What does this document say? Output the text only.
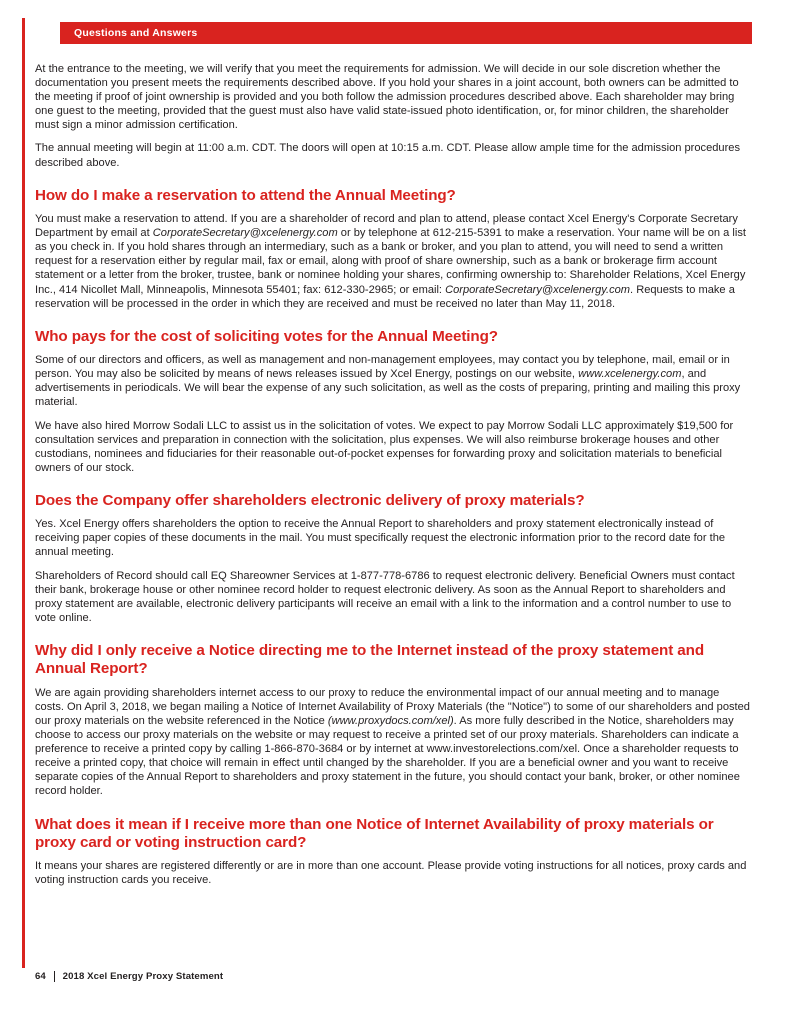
Questions and Answers

At the entrance to the meeting, we will verify that you meet the requirements for admission. We will decide in our sole discretion whether the documentation you present meets the requirements described above. If you hold your shares in a joint account, both owners can be admitted to the meeting if proof of joint ownership is provided and you both follow the admission procedures described above. Each shareholder may bring one guest to the meeting, provided that the guest must also have valid state-issued photo identification, or, for minor children, the shareholder must sign a minor admission certification.

The annual meeting will begin at 11:00 a.m. CDT. The doors will open at 10:15 a.m. CDT. Please allow ample time for the admission procedures described above.

How do I make a reservation to attend the Annual Meeting?

You must make a reservation to attend. If you are a shareholder of record and plan to attend, please contact Xcel Energy's Corporate Secretary Department by email at CorporateSecretary@xcelenergy.com or by telephone at 612-215-5391 to make a reservation. Your name will be on a list as you check in. If you hold shares through an intermediary, such as a bank or broker, and you plan to attend, you will need to send a written request for a reservation either by regular mail, fax or email, along with proof of share ownership, such as a bank or brokerage firm account statement or a letter from the broker, trustee, bank or nominee holding your shares, confirming ownership to: Shareholder Relations, Xcel Energy Inc., 414 Nicollet Mall, Minneapolis, Minnesota 55401; fax: 612-330-2965; or email: CorporateSecretary@xcelenergy.com. Requests to make a reservation will be processed in the order in which they are received and must be received no later than May 11, 2018.

Who pays for the cost of soliciting votes for the Annual Meeting?

Some of our directors and officers, as well as management and non-management employees, may contact you by telephone, mail, email or in person. You may also be solicited by means of news releases issued by Xcel Energy, postings on our website, www.xcelenergy.com, and advertisements in periodicals. We will bear the expense of any such solicitation, as well as the costs of preparing, printing and mailing this proxy material.

We have also hired Morrow Sodali LLC to assist us in the solicitation of votes. We expect to pay Morrow Sodali LLC approximately $19,500 for consultation services and preparation in connection with the solicitation, plus expenses. We will also reimburse brokerage houses and other custodians, nominees and fiduciaries for their reasonable out-of-pocket expenses for forwarding proxy and solicitation materials to beneficial owners of our stock.

Does the Company offer shareholders electronic delivery of proxy materials?

Yes. Xcel Energy offers shareholders the option to receive the Annual Report to shareholders and proxy statement electronically instead of receiving paper copies of these documents in the mail. You must specifically request the electronic information prior to the record date for the annual meeting.

Shareholders of Record should call EQ Shareowner Services at 1-877-778-6786 to request electronic delivery. Beneficial Owners must contact their bank, brokerage house or other nominee record holder to request electronic delivery. As soon as the Annual Report to shareholders and proxy statement are available, electronic delivery participants will receive an email with a link to the information and a control number to use to vote online.

Why did I only receive a Notice directing me to the Internet instead of the proxy statement and Annual Report?

We are again providing shareholders internet access to our proxy to reduce the environmental impact of our annual meeting and to manage costs. On April 3, 2018, we began mailing a Notice of Internet Availability of Proxy Materials (the "Notice") to some of our shareholders and posted our proxy materials on the website referenced in the Notice (www.proxydocs.com/xel). As more fully described in the Notice, shareholders may choose to access our proxy materials on the website or may request to receive a printed set of our proxy materials. Shareholders can indicate a preference to receive a printed copy by calling 1-866-870-3684 or by internet at www.investorelections.com/xel. Once a shareholder requests to receive a printed copy, that choice will remain in effect until changed by the shareholder. If you are a beneficial owner and you want to receive separate copies of the Annual Report to shareholders and proxy statement in the future, you should contact your bank, broker, or other nominee record holder.

What does it mean if I receive more than one Notice of Internet Availability of proxy materials or proxy card or voting instruction card?

It means your shares are registered differently or are in more than one account. Please provide voting instructions for all notices, proxy cards and voting instruction cards you receive.

64 2018 Xcel Energy Proxy Statement
